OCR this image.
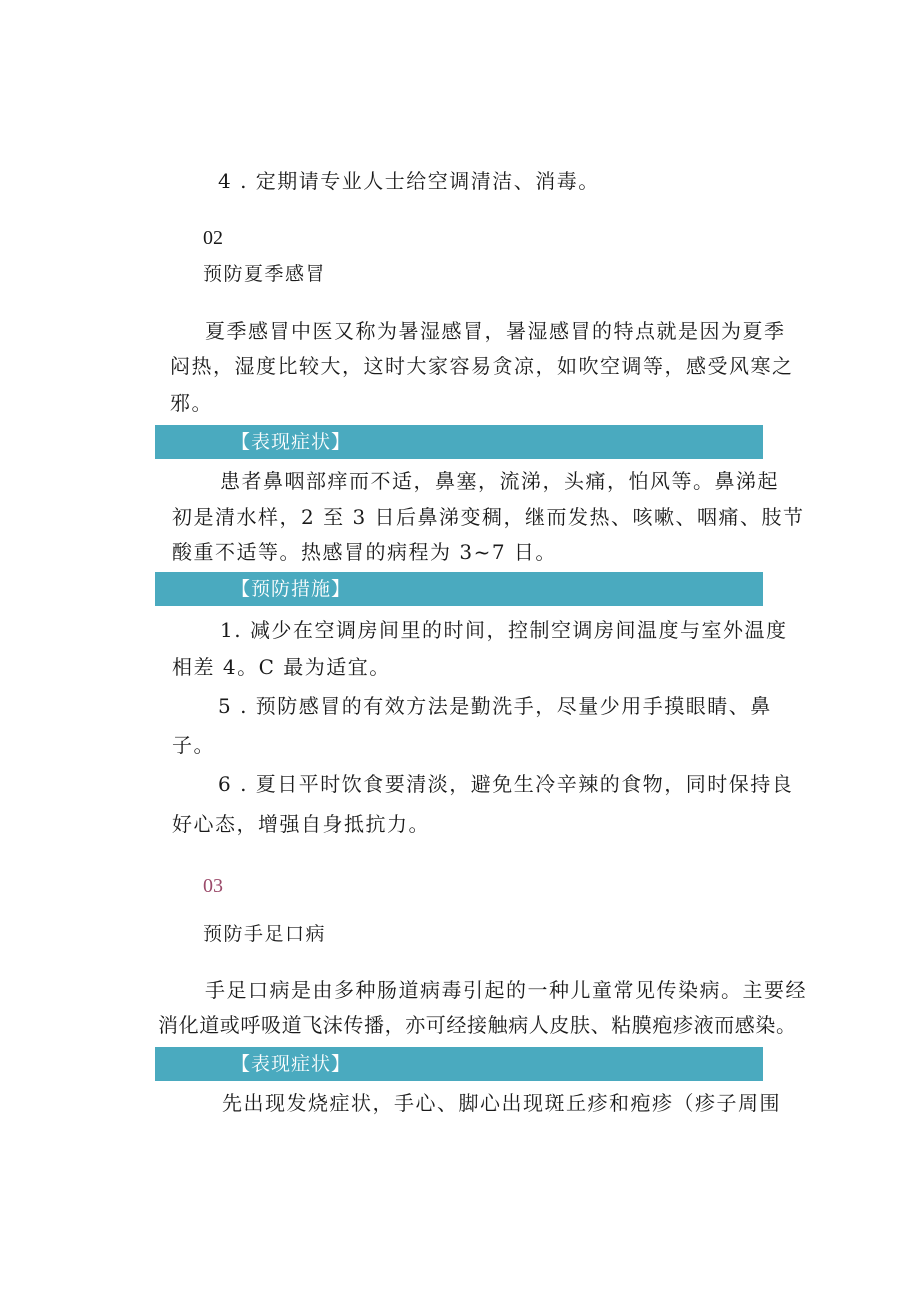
4 . 定期请专业人士给空调清洁、消毒。
02
预防夏季感冒
夏季感冒中医又称为暑湿感冒，暑湿感冒的特点就是因为夏季
闷热，湿度比较大，这时大家容易贪凉，如吹空调等，感受风寒之
邪。
【表现症状】
患者鼻咽部痒而不适，鼻塞，流涕，头痛，怕风等。鼻涕起
初是清水样，2 至 3 日后鼻涕变稠，继而发热、咳嗽、咽痛、肢节
酸重不适等。热感冒的病程为 3~7 日。
【预防措施】
1. 减少在空调房间里的时间，控制空调房间温度与室外温度
相差 4。C 最为适宜。
5 . 预防感冒的有效方法是勤洗手，尽量少用手摸眼睛、鼻
子。
6 . 夏日平时饮食要清淡，避免生冷辛辣的食物，同时保持良
好心态，增强自身抵抗力。
03
预防手足口病
手足口病是由多种肠道病毒引起的一种儿童常见传染病。主要经
消化道或呼吸道飞沫传播，亦可经接触病人皮肤、粘膜疱疹液而感染。
【表现症状】
先出现发烧症状，手心、脚心出现斑丘疹和疱疹（疹子周围
